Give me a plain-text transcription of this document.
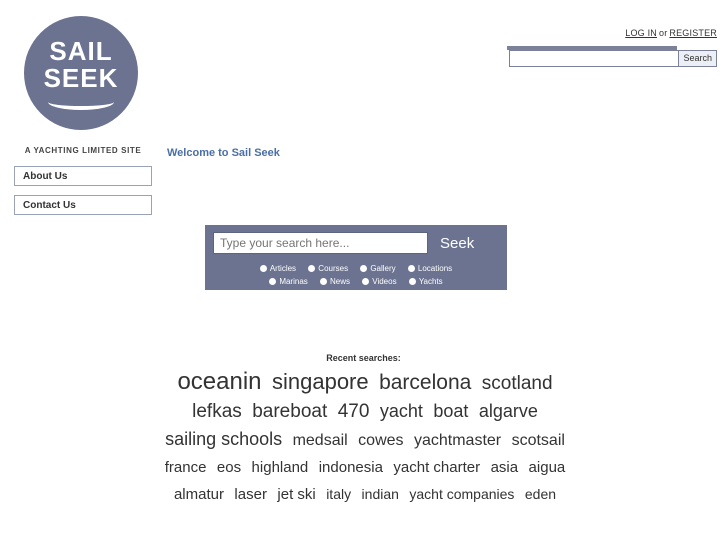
LOG IN or REGISTER
Search
SAIL
SEEK
A YACHTING LIMITED SITE
About Us
Contact Us
Welcome to Sail Seek
Type your search here...
Seek
Articles	Courses	Gallery	Locations
Marinas	News	Videos	Yachts
Recent searches:
oceanin singapore barcelona scotland lefkas bareboat 470 yacht boat algarve sailing schools medsail cowes yachtmaster scotsail france eos highland indonesia yacht charter asia aigua almatur laser jet ski italy indian yacht companies eden
